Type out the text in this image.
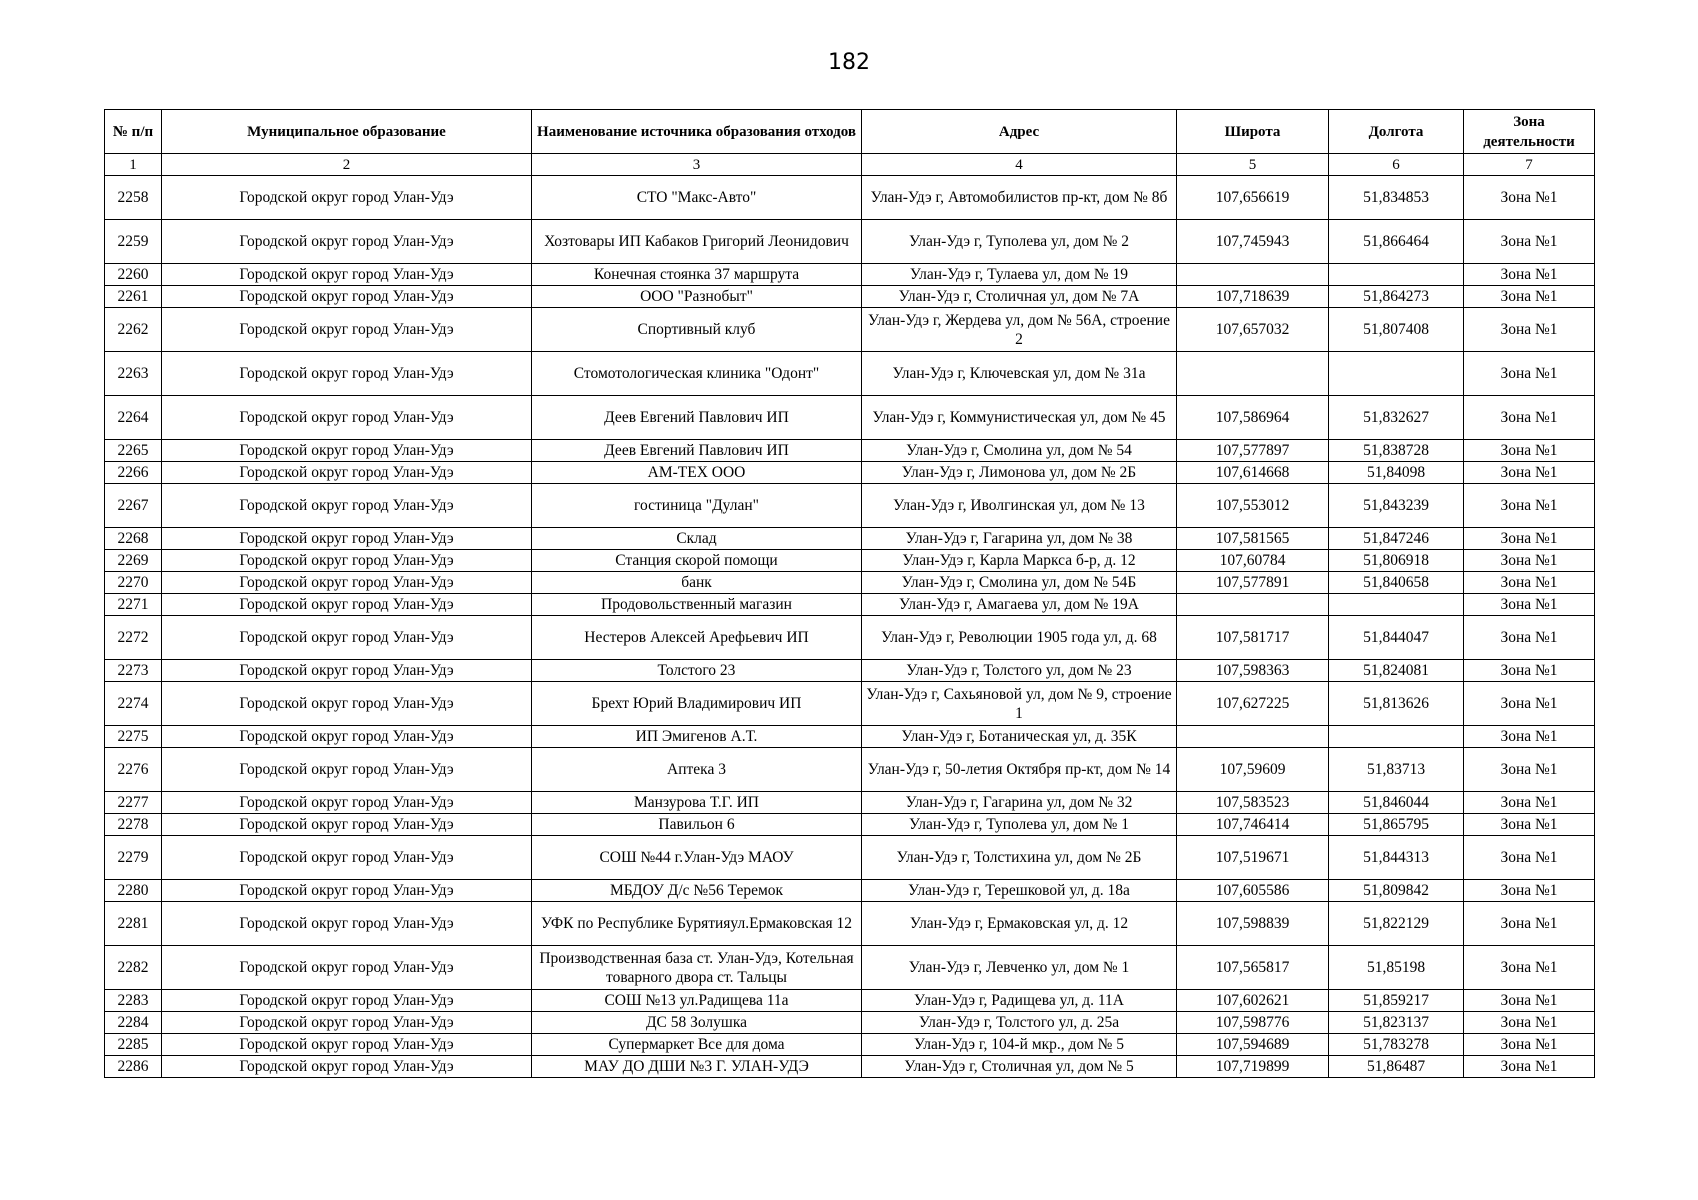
182
№ п/п	Муниципальное образование	Наименование источника образования отходов	Адрес	Широта	Долгота	Зона деятельности
1	2	3	4	5	6	7
2258	Городской округ город Улан-Удэ	СТО "Макс-Авто"	Улан-Удэ г, Автомобилистов пр-кт, дом № 8б	107,656619	51,834853	Зона №1
2259	Городской округ город Улан-Удэ	Хозтовары ИП Кабаков Григорий Леонидович	Улан-Удэ г, Туполева ул, дом № 2	107,745943	51,866464	Зона №1
2260	Городской округ город Улан-Удэ	Конечная стоянка 37 маршрута	Улан-Удэ г, Тулаева ул, дом № 19			Зона №1
2261	Городской округ город Улан-Удэ	ООО "Разнобыт"	Улан-Удэ г, Столичная ул, дом № 7А	107,718639	51,864273	Зона №1
2262	Городской округ город Улан-Удэ	Спортивный клуб	Улан-Удэ г, Жердева ул, дом № 56А, строение 2	107,657032	51,807408	Зона №1
2263	Городской округ город Улан-Удэ	Стомотологическая клиника "Одонт"	Улан-Удэ г, Ключевская ул, дом № 31а			Зона №1
2264	Городской округ город Улан-Удэ	Деев Евгений Павлович ИП	Улан-Удэ г, Коммунистическая ул, дом № 45	107,586964	51,832627	Зона №1
2265	Городской округ город Улан-Удэ	Деев Евгений Павлович ИП	Улан-Удэ г, Смолина ул, дом № 54	107,577897	51,838728	Зона №1
2266	Городской округ город Улан-Удэ	АМ-ТЕХ ООО	Улан-Удэ г, Лимонова ул, дом № 2Б	107,614668	51,84098	Зона №1
2267	Городской округ город Улан-Удэ	гостиница "Дулан"	Улан-Удэ г, Иволгинская ул, дом № 13	107,553012	51,843239	Зона №1
2268	Городской округ город Улан-Удэ	Склад	Улан-Удэ г, Гагарина ул, дом № 38	107,581565	51,847246	Зона №1
2269	Городской округ город Улан-Удэ	Станция скорой помощи	Улан-Удэ г, Карла Маркса б-р, д. 12	107,60784	51,806918	Зона №1
2270	Городской округ город Улан-Удэ	банк	Улан-Удэ г, Смолина ул, дом № 54Б	107,577891	51,840658	Зона №1
2271	Городской округ город Улан-Удэ	Продовольственный магазин	Улан-Удэ г, Амагаева ул, дом № 19А			Зона №1
2272	Городской округ город Улан-Удэ	Нестеров Алексей Арефьевич ИП	Улан-Удэ г, Революции 1905 года ул, д. 68	107,581717	51,844047	Зона №1
2273	Городской округ город Улан-Удэ	Толстого 23	Улан-Удэ г, Толстого ул, дом № 23	107,598363	51,824081	Зона №1
2274	Городской округ город Улан-Удэ	Брехт Юрий Владимирович ИП	Улан-Удэ г, Сахьяновой ул, дом № 9, строение 1	107,627225	51,813626	Зона №1
2275	Городской округ город Улан-Удэ	ИП Эмигенов А.Т.	Улан-Удэ г, Ботаническая ул, д. 35К			Зона №1
2276	Городской округ город Улан-Удэ	Аптека 3	Улан-Удэ г, 50-летия Октября пр-кт, дом № 14	107,59609	51,83713	Зона №1
2277	Городской округ город Улан-Удэ	Манзурова Т.Г. ИП	Улан-Удэ г, Гагарина ул, дом № 32	107,583523	51,846044	Зона №1
2278	Городской округ город Улан-Удэ	Павильон 6	Улан-Удэ г, Туполева ул, дом № 1	107,746414	51,865795	Зона №1
2279	Городской округ город Улан-Удэ	СОШ №44 г.Улан-Удэ МАОУ	Улан-Удэ г, Толстихина ул, дом № 2Б	107,519671	51,844313	Зона №1
2280	Городской округ город Улан-Удэ	МБДОУ Д/с №56 Теремок	Улан-Удэ г, Терешковой ул, д. 18а	107,605586	51,809842	Зона №1
2281	Городской округ город Улан-Удэ	УФК по Республике Бурятияул.Ермаковская 12	Улан-Удэ г, Ермаковская ул, д. 12	107,598839	51,822129	Зона №1
2282	Городской округ город Улан-Удэ	Производственная база ст. Улан-Удэ, Котельная товарного двора ст. Тальцы	Улан-Удэ г, Левченко ул, дом № 1	107,565817	51,85198	Зона №1
2283	Городской округ город Улан-Удэ	СОШ №13 ул.Радищева 11а	Улан-Удэ г, Радищева ул, д. 11А	107,602621	51,859217	Зона №1
2284	Городской округ город Улан-Удэ	ДС 58 Золушка	Улан-Удэ г, Толстого ул, д. 25а	107,598776	51,823137	Зона №1
2285	Городской округ город Улан-Удэ	Супермаркет Все для дома	Улан-Удэ г, 104-й мкр., дом № 5	107,594689	51,783278	Зона №1
2286	Городской округ город Улан-Удэ	МАУ ДО ДШИ №3 Г. УЛАН-УДЭ	Улан-Удэ г, Столичная ул, дом № 5	107,719899	51,86487	Зона №1
